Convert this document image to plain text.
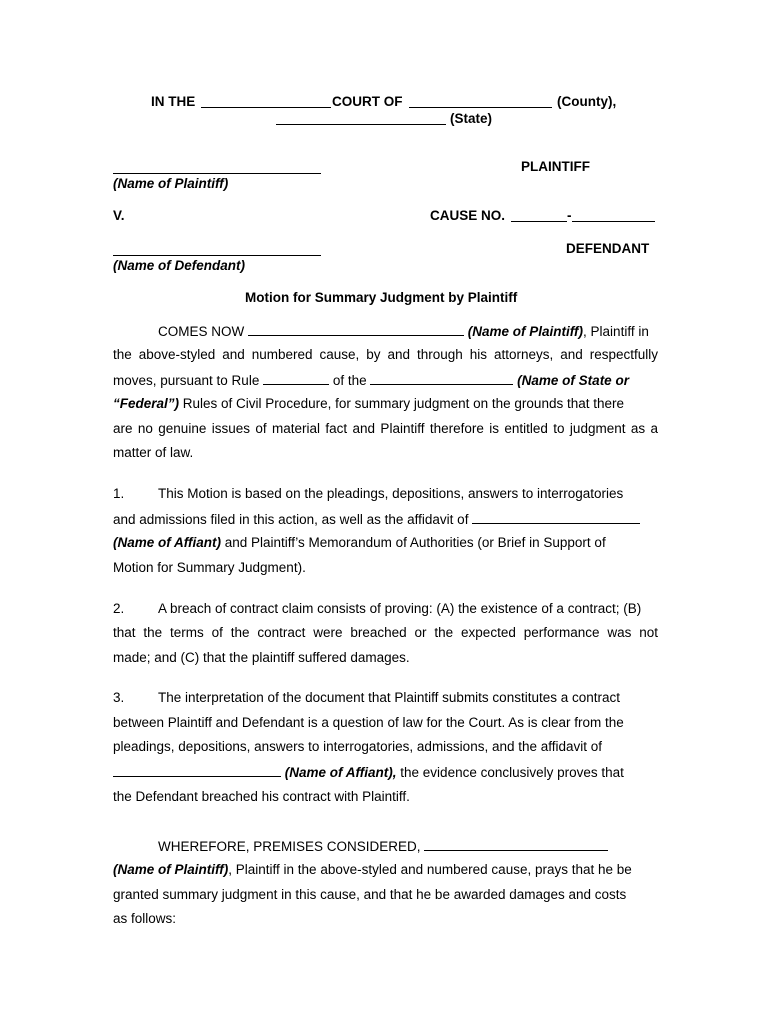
IN THE	COURT OF	(County),
(State)
PLAINTIFF
(Name of Plaintiff)
V.	CAUSE NO.	-
DEFENDANT
(Name of Defendant)
Motion for Summary Judgment by Plaintiff
COMES NOW	(Name of Plaintiff), Plaintiff in
the above-styled and numbered cause, by and through his attorneys, and respectfully
moves, pursuant to Rule	of the	(Name of State or
“Federal”) Rules of Civil Procedure, for summary judgment on the grounds that there
are no genuine issues of material fact and Plaintiff therefore is entitled to judgment as a
matter of law.
1. This Motion is based on the pleadings, depositions, answers to interrogatories
and admissions filed in this action, as well as the affidavit of
(Name of Affiant) and Plaintiff’s Memorandum of Authorities (or Brief in Support of
Motion for Summary Judgment).
2. A breach of contract claim consists of proving: (A) the existence of a contract; (B)
that the terms of the contract were breached or the expected performance was not
made; and (C) that the plaintiff suffered damages.
3. The interpretation of the document that Plaintiff submits constitutes a contract
between Plaintiff and Defendant is a question of law for the Court. As is clear from the
pleadings, depositions, answers to interrogatories, admissions, and the affidavit of
(Name of Affiant), the evidence conclusively proves that
the Defendant breached his contract with Plaintiff.
WHEREFORE, PREMISES CONSIDERED,
(Name of Plaintiff), Plaintiff in the above-styled and numbered cause, prays that he be
granted summary judgment in this cause, and that he be awarded damages and costs
as follows:
